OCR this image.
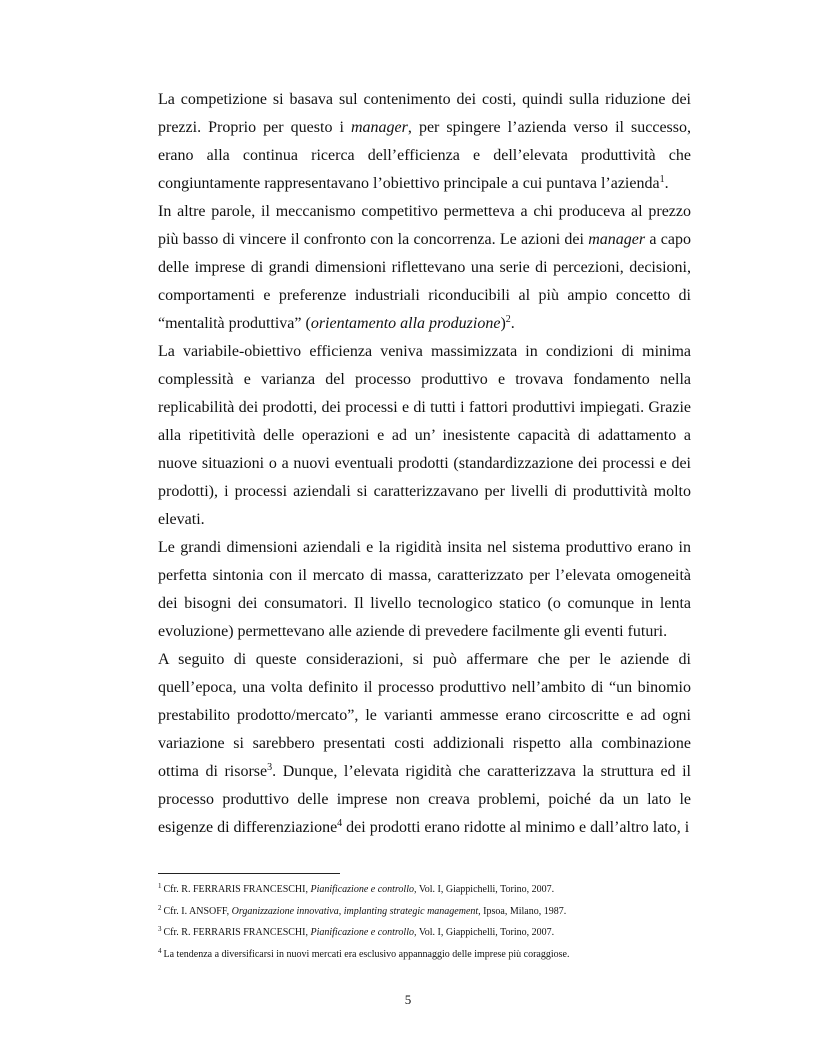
La competizione si basava sul contenimento dei costi, quindi sulla riduzione dei prezzi. Proprio per questo i manager, per spingere l’azienda verso il successo, erano alla continua ricerca dell’efficienza e dell’elevata produttività che congiuntamente rappresentavano l’obiettivo principale a cui puntava l’azienda$^1$.

In altre parole, il meccanismo competitivo permetteva a chi produceva al prezzo più basso di vincere il confronto con la concorrenza. Le azioni dei manager a capo delle imprese di grandi dimensioni riflettevano una serie di percezioni, decisioni, comportamenti e preferenze industriali riconducibili al più ampio concetto di “mentalità produttiva” (orientamento alla produzione)$^2$.

La variabile-obiettivo efficienza veniva massimizzata in condizioni di minima complessità e varianza del processo produttivo e trovava fondamento nella replicabilità dei prodotti, dei processi e di tutti i fattori produttivi impiegati. Grazie alla ripetitività delle operazioni e ad un’ inesistente capacità di adattamento a nuove situazioni o a nuovi eventuali prodotti (standardizzazione dei processi e dei prodotti), i processi aziendali si caratterizzavano per livelli di produttività molto elevati.

Le grandi dimensioni aziendali e la rigidità insita nel sistema produttivo erano in perfetta sintonia con il mercato di massa, caratterizzato per l’elevata omogeneità dei bisogni dei consumatori. Il livello tecnologico statico (o comunque in lenta evoluzione) permettevano alle aziende di prevedere facilmente gli eventi futuri.

A seguito di queste considerazioni, si può affermare che per le aziende di quell’epoca, una volta definito il processo produttivo nell’ambito di “un binomio prestabilito prodotto/mercato”, le varianti ammesse erano circoscritte e ad ogni variazione si sarebbero presentati costi addizionali rispetto alla combinazione ottima di risorse$^3$. Dunque, l’elevata rigidità che caratterizzava la struttura ed il processo produttivo delle imprese non creava problemi, poiché da un lato le esigenze di differenziazione$^4$ dei prodotti erano ridotte al minimo e dall’altro lato, i

$^1$ Cfr. R. FERRARIS FRANCESCHI, Pianificazione e controllo, Vol. I, Giappichelli, Torino, 2007.

$^2$ Cfr. I. ANSOFF, Organizzazione innovativa, implanting strategic management, Ipsoa, Milano, 1987.

$^3$ Cfr. R. FERRARIS FRANCESCHI, Pianificazione e controllo, Vol. I, Giappichelli, Torino, 2007.

$^4$ La tendenza a diversificarsi in nuovi mercati era esclusivo appannaggio delle imprese più coraggiose.

5
